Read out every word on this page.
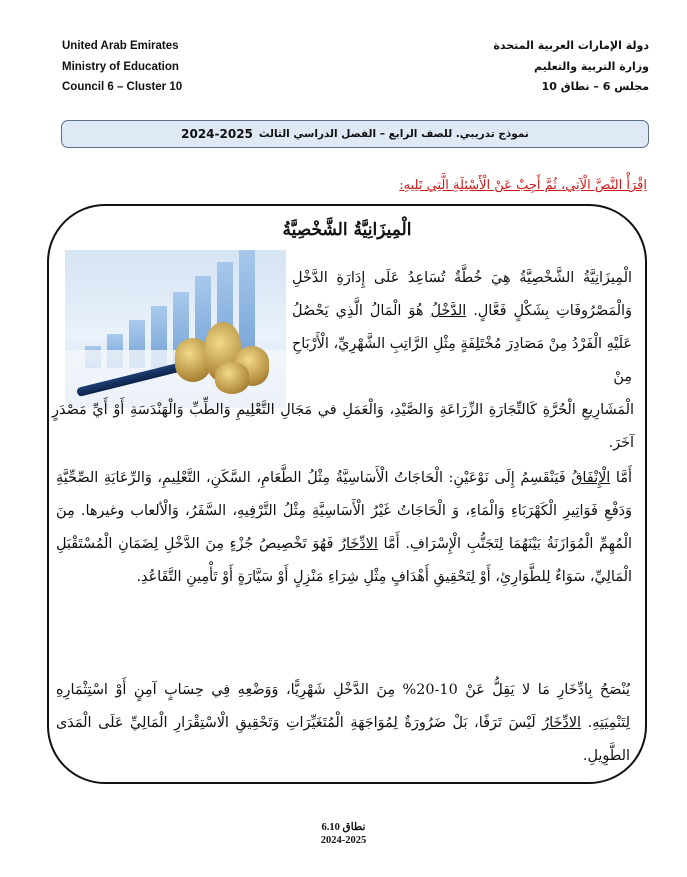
United Arab Emirates
Ministry of Education
Council 6 – Cluster 10
دولة الإمارات العربية المتحدة
وزارة التربية والتعليم
مجلس 6 – نطاق 10
نموذج تدريبي. للصف الرابع – الفصل الدراسي الثالث
2024-2025
اِقْرَأْ النَّصَّ الْآتِي، ثُمَّ أَجِبْ عَنْ الْأَسْئِلَةِ الَّتِي تَلِيهِ:
الْمِيزَانِيَّةُ الشَّخْصِيَّةُ
الْمِيزَانِيَّةُ الشَّخْصِيَّةُ هِيَ خُطَّةٌ تُسَاعِدُ عَلَى إِدَارَةِ الدَّخْلِ وَالْمَصْرُوفَاتِ بِشَكْلٍ فَعَّالٍ. الدَّخْلُ هُوَ الْمَالُ الَّذِي يَحْصُلُ عَلَيْهِ الْفَرْدُ مِنْ مَصَادِرَ مُخْتَلِفَةٍ مِثْلِ الرَّاتِبِ الشَّهْرِيِّ، الْأَرْبَاحِ مِنْ
الْمَشَارِيعِ الْحُرَّةِ كَالتِّجَارَةِ الزِّرَاعَةِ وَالصَّيْدِ، وَالْعَمَلِ في مَجَالِ التَّعْلِيمِ وَالطِّبِّ وَالْهَنْدَسَةِ أَوْ أَيِّ مَصْدَرٍ آخَرَ.
أَمَّا الْإِنْفَاقُ فَيَنْقَسِمُ إِلَى نَوْعَيْنِ: الْحَاجَاتُ الْأَسَاسِيَّةُ مِثْلُ الطَّعَامِ، السَّكَنِ، التَّعْلِيمِ، وَالرِّعَايَةِ الصِّحِّيَّةِ وَدَفْعِ فَوَاتِيرِ الْكَهْرَبَاءِ وَالْمَاءِ، وَ الْحَاجَاتُ غَيْرُ الْأَسَاسِيَّةِ مِثْلُ التَّرْفِيهِ، السَّفَرُ، وَالْألعاب وغيرها. مِنَ الْمُهِمِّ الْمُوَازَنَةُ بَيْنَهُمَا لِتَجَنُّبِ الْإِسْرَافِ. أَمَّا الادِّخَارُ فَهُوَ تَخْصِيصُ جُزْءٍ مِنَ الدَّخْلِ لِضَمَانِ الْمُسْتَقْبَلِ الْمَالِيِّ، سَوَاءٌ لِلطَّوَارِئِ، أَوْ لِتَحْقِيقِ أَهْدَافٍ مِثْلِ شِرَاءِ مَنْزِلٍ أَوْ سَيَّارَةٍ أَوْ تَأْمِينِ التَّقَاعُدِ.
يُنْصَحُ بِادِّخَارِ مَا لا يَقِلُّ عَنْ 10-20% مِنَ الدَّخْلِ شَهْرِيًّا، وَوَضْعِهِ فِي حِسَابٍ آمِنٍ أَوْ اسْتِثْمَارِهِ لِتَنْمِيَتِهِ. الادِّخَارُ لَيْسَ تَرَفًا، بَلْ ضَرُورَةٌ لِمُوَاجَهَةِ الْمُتَغَيِّرَاتِ وَتَحْقِيقِ الْاسْتِقْرَارِ الْمَالِيِّ عَلَى الْمَدَى الطَّوِيلِ.
نطاق 6.10
2024-2025
